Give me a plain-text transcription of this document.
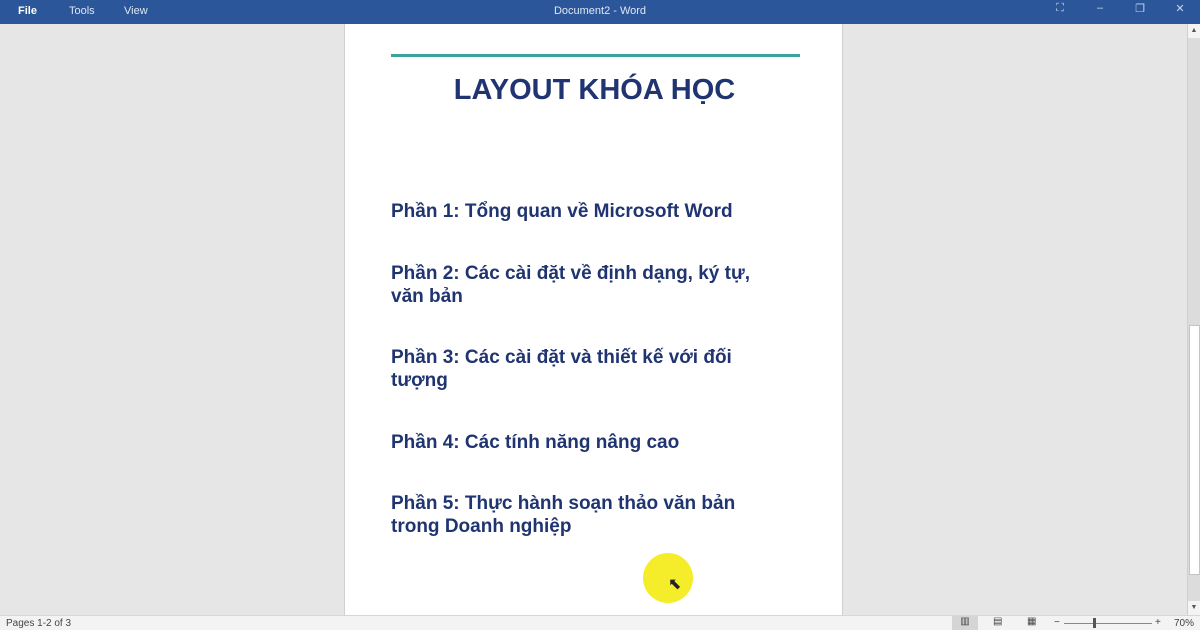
File	Tools	View	Document2 - Word	⛶	–	❐	✕
LAYOUT KHÓA HỌC
Phần 1: Tổng quan về Microsoft Word
Phần 2: Các cài đặt về định dạng, ký tự, văn bản
Phần 3: Các cài đặt và thiết kế với đối tượng
Phần 4: Các tính năng nâng cao
Phần 5: Thực hành soạn thảo văn bản trong Doanh nghiệp
⬉
▲
▼
Pages 1-2 of 3	▥	▤ ▦ −	+ 70%
